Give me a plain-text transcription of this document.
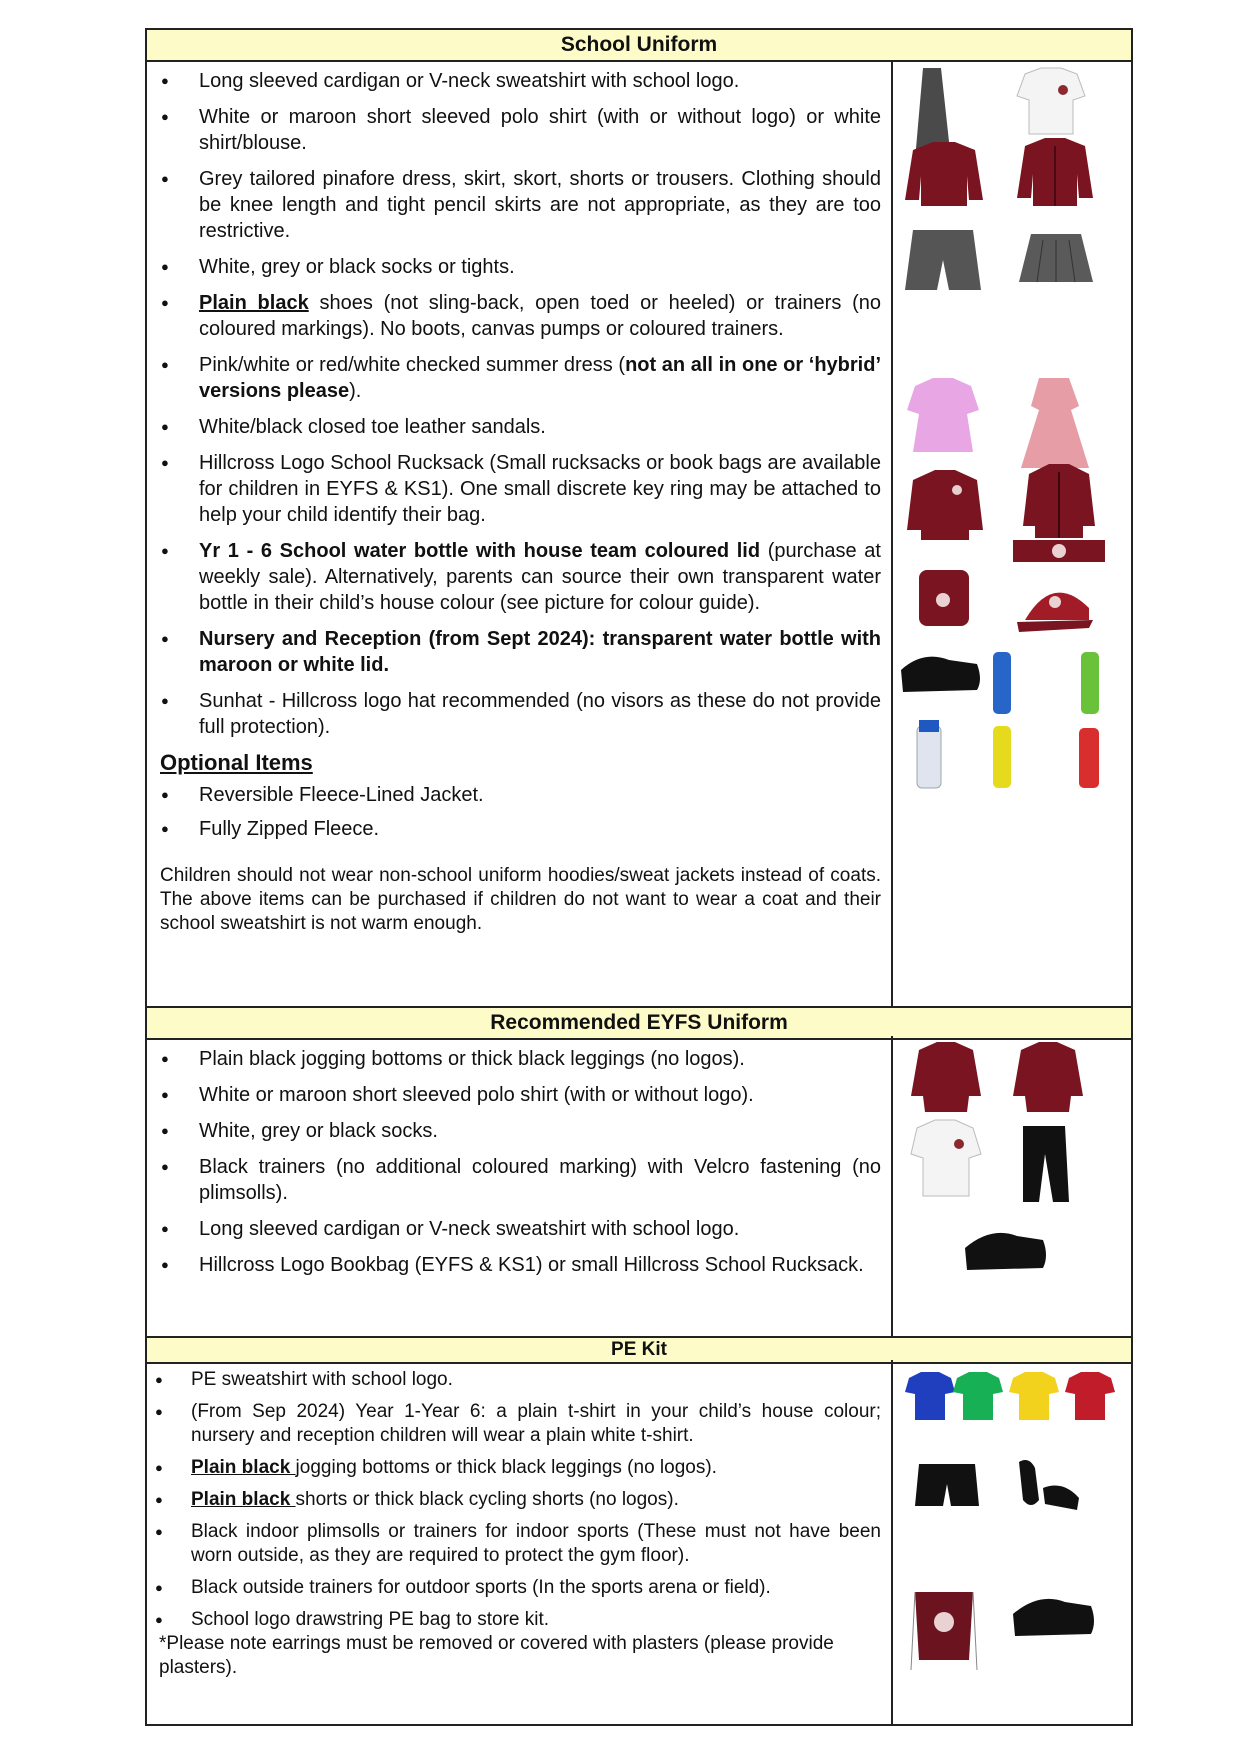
School Uniform
● Long sleeved cardigan or V-neck sweatshirt with school logo.
● White or maroon short sleeved polo shirt (with or without logo) or white shirt/blouse.
● Grey tailored pinafore dress, skirt, skort, shorts or trousers. Clothing should be knee length and tight pencil skirts are not appropriate, as they are too restrictive.
● White, grey or black socks or tights.
● Plain black shoes (not sling-back, open toed or heeled) or trainers (no coloured markings). No boots, canvas pumps or coloured trainers.
● Pink/white or red/white checked summer dress (not an all in one or ‘hybrid’ versions please).
● White/black closed toe leather sandals.
● Hillcross Logo School Rucksack (Small rucksacks or book bags are available for children in EYFS & KS1). One small discrete key ring may be attached to help your child identify their bag.
● Yr 1 - 6 School water bottle with house team coloured lid (purchase at weekly sale). Alternatively, parents can source their own transparent water bottle in their child’s house colour (see picture for colour guide).
● Nursery and Reception (from Sept 2024): transparent water bottle with maroon or white lid.
● Sunhat - Hillcross logo hat recommended (no visors as these do not provide full protection).
Optional Items
● Reversible Fleece-Lined Jacket.
● Fully Zipped Fleece.
Children should not wear non-school uniform hoodies/sweat jackets instead of coats. The above items can be purchased if children do not want to wear a coat and their school sweatshirt is not warm enough.
Recommended EYFS Uniform
● Plain black jogging bottoms or thick black leggings (no logos).
● White or maroon short sleeved polo shirt (with or without logo).
● White, grey or black socks.
● Black trainers (no additional coloured marking) with Velcro fastening (no plimsolls).
● Long sleeved cardigan or V-neck sweatshirt with school logo.
● Hillcross Logo Bookbag (EYFS & KS1) or small Hillcross School Rucksack.
PE Kit
● PE sweatshirt with school logo.
● (From Sep 2024) Year 1-Year 6: a plain t-shirt in your child’s house colour; nursery and reception children will wear a plain white t-shirt.
● Plain black jogging bottoms or thick black leggings (no logos).
● Plain black shorts or thick black cycling shorts (no logos).
● Black indoor plimsolls or trainers for indoor sports (These must not have been worn outside, as they are required to protect the gym floor).
● Black outside trainers for outdoor sports (In the sports arena or field).
● School logo drawstring PE bag to store kit.
*Please note earrings must be removed or covered with plasters (please provide plasters).
